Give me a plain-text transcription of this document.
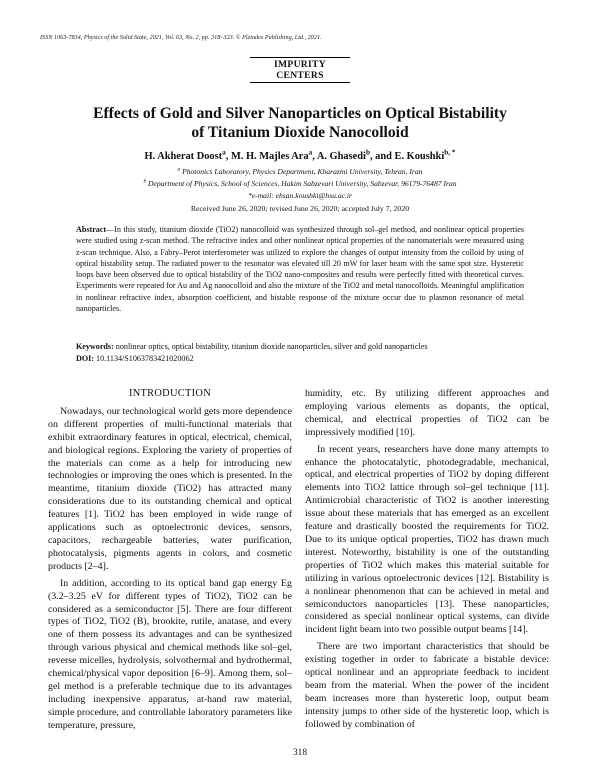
ISSN 1063-7834, Physics of the Solid State, 2021, Vol. 63, No. 2, pp. 318–323. © Pleiades Publishing, Ltd., 2021.
IMPURITY
CENTERS
Effects of Gold and Silver Nanoparticles on Optical Bistability
of Titanium Dioxide Nanocolloid
H. Akherat Doost$^a$, M. H. Majles Ara$^a$, A. Ghasedi$^b$, and E. Koushki$^{b, *}$
$^a$ Photonics Laboratory, Physics Department, Kharazmi University, Tehran, Iran
$^b$ Department of Physics, School of Sciences, Hakim Sabzevari University, Sabzevar, 96179-76487 Iran
*e-mail: ehsan.koushki@hsu.ac.ir
Received June 26, 2020; revised June 26, 2020; accepted July 7, 2020
Abstract—In this study, titanium dioxide (TiO2) nanocolloid was synthesized through sol–gel method, and nonlinear optical properties were studied using z-scan method. The refractive index and other nonlinear optical properties of the nanomaterials were measured using z-scan technique. Also, a Fabry–Perot interferometer was utilized to explore the changes of output intensity from the colloid by using of optical bistability setup. The radiated power to the resonator was elevated till 20 mW for laser beam with the same spot size. Hysteretic loops have been observed due to optical bistability of the TiO2 nano-composites and results were perfectly fitted with theoretical curves. Experiments were repeated for Au and Ag nanocolloid and also the mixture of the TiO2 and metal nanocolloids. Meaningful amplification in nonlinear refractive index, absorption coefficient, and bistable response of the mixture occur due to plasmon resonance of metal nanoparticles.
Keywords: nonlinear optics, optical bistability, titanium dioxide nanoparticles, silver and gold nanoparticles
DOI: 10.1134/S1063783421020062
INTRODUCTION

Nowadays, our technological world gets more dependence on different properties of multi-functional materials that exhibit extraordinary features in optical, electrical, chemical, and biological regions. Exploring the variety of properties of the materials can come as a help for introducing new technologies or improving the ones which is presented. In the meantime, titanium dioxide (TiO2) has attracted many considerations due to its outstanding chemical and optical features [1]. TiO2 has been employed in wide range of applications such as optoelectronic devices, sensors, capacitors, rechargeable batteries, water purification, photocatalysis, pigments agents in colors, and cosmetic products [2–4].

In addition, according to its optical band gap energy Eg (3.2–3.25 eV for different types of TiO2), TiO2 can be considered as a semiconductor [5]. There are four different types of TiO2, TiO2 (B), brookite, rutile, anatase, and every one of them possess its advantages and can be synthesized through various physical and chemical methods like sol–gel, reverse micelles, hydrolysis, solvothermal and hydrothermal, chemical/physical vapor deposition [6–9]. Among them, sol–gel method is a preferable technique due to its advantages including inexpensive apparatus, at-hand raw material, simple procedure, and controllable laboratory parameters like temperature, pressure,

humidity, etc. By utilizing different approaches and employing various elements as dopants, the optical, chemical, and electrical properties of TiO2 can be impressively modified [10].

In recent years, researchers have done many attempts to enhance the photocatalytic, photodegradable, mechanical, optical, and electrical properties of TiO2 by doping different elements into TiO2 lattice through sol–gel technique [11]. Antimicrobial characteristic of TiO2 is another interesting issue about these materials that has emerged as an excellent feature and drastically boosted the requirements for TiO2. Due to its unique optical properties, TiO2 has drawn much interest. Noteworthy, bistability is one of the outstanding properties of TiO2 which makes this material suitable for utilizing in various optoelectronic devices [12]. Bistability is a nonlinear phenomenon that can be achieved in metal and semiconductors nanoparticles [13]. These nanoparticles, considered as special nonlinear optical systems, can divide incident light beam into two possible output beams [14].

There are two important characteristics that should be existing together in order to fabricate a bistable device: optical nonlinear and an appropriate feedback to incident beam from the material. When the power of the incident beam increases more than hysteretic loop, output beam intensity jumps to other side of the hysteretic loop, which is followed by combination of

318
